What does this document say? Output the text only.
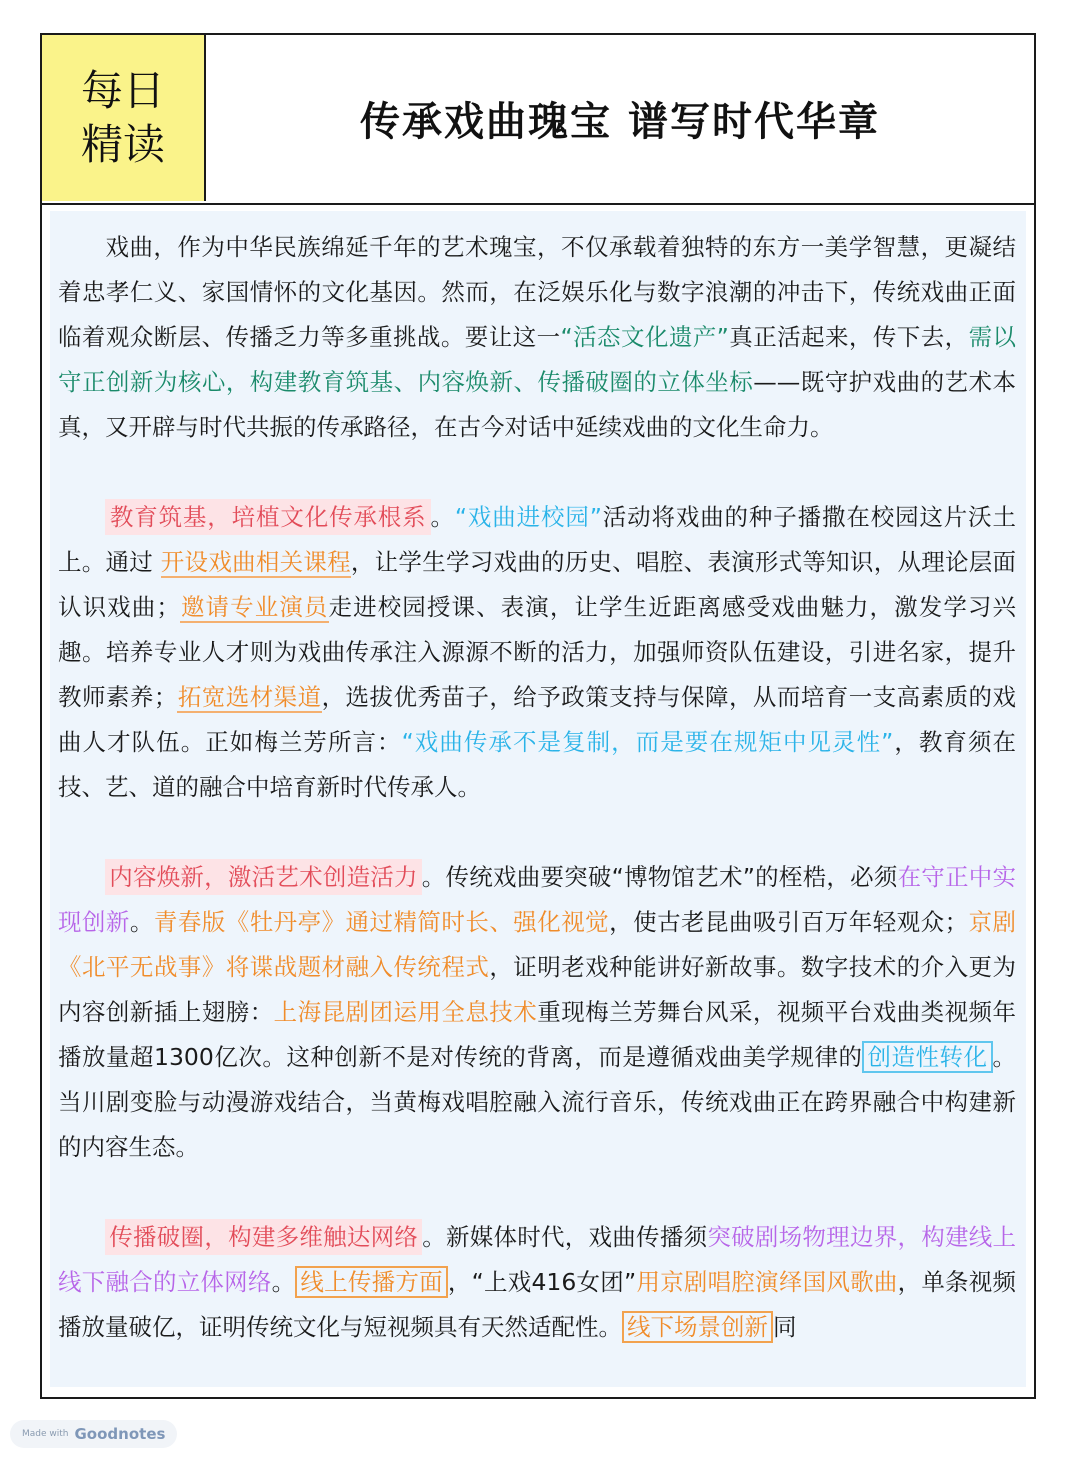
每日
精读	传承戏曲瑰宝 谱写时代华章

戏曲，作为中华民族绵延千年的艺术瑰宝，不仅承载着独特的东方一美学智慧，更凝结着忠孝仁义、家国情怀的文化基因。然而，在泛娱乐化与数字浪潮的冲击下，传统戏曲正面临着观众断层、传播乏力等多重挑战。要让这一“活态文化遗产”真正活起来，传下去，需以守正创新为核心，构建教育筑基、内容焕新、传播破圈的立体坐标——既守护戏曲的艺术本真，又开辟与时代共振的传承路径，在古今对话中延续戏曲的文化生命力。

教育筑基，培植文化传承根系 。“戏曲进校园”活动将戏曲的种子播撒在校园这片沃土上。通过 开设戏曲相关课程，让学生学习戏曲的历史、唱腔、表演形式等知识，从理论层面认识戏曲；邀请专业演员走进校园授课、表演，让学生近距离感受戏曲魅力，激发学习兴趣。培养专业人才则为戏曲传承注入源源不断的活力，加强师资队伍建设，引进名家，提升教师素养；拓宽选材渠道，选拔优秀苗子，给予政策支持与保障，从而培育一支高素质的戏曲人才队伍。正如梅兰芳所言：“戏曲传承不是复制，而是要在规矩中见灵性”，教育须在技、艺、道的融合中培育新时代传承人。

内容焕新，激活艺术创造活力 。传统戏曲要突破“博物馆艺术”的桎梏，必须在守正中实现创新。青春版《牡丹亭》通过精简时长、强化视觉，使古老昆曲吸引百万年轻观众；京剧《北平无战事》将谍战题材融入传统程式，证明老戏种能讲好新故事。数字技术的介入更为内容创新插上翅膀：上海昆剧团运用全息技术重现梅兰芳舞台风采，视频平台戏曲类视频年播放量超1300亿次。这种创新不是对传统的背离，而是遵循戏曲美学规律的 创造性转化 。当川剧变脸与动漫游戏结合，当黄梅戏唱腔融入流行音乐，传统戏曲正在跨界融合中构建新的内容生态。

传播破圈，构建多维触达网络 。新媒体时代，戏曲传播须突破剧场物理边界，构建线上线下融合的立体网络。 线上传播方面 ，“上戏416女团”用京剧唱腔演绎国风歌曲，单条视频播放量破亿，证明传统文化与短视频具有天然适配性。 线下场景创新 同

Made with Goodnotes
